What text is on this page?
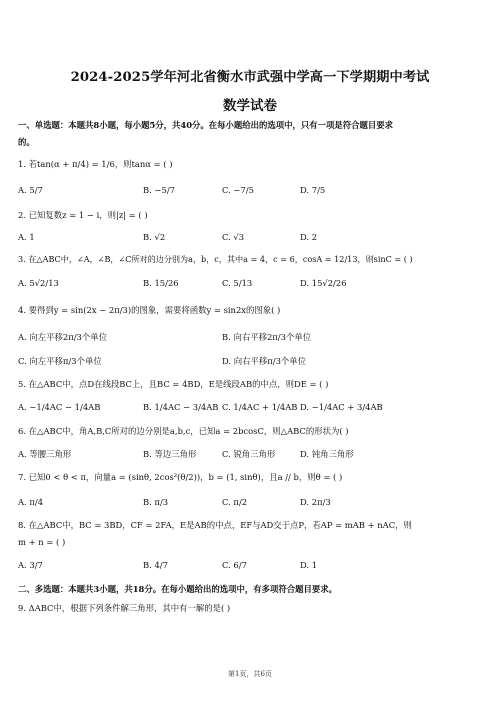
2024-2025学年河北省衡水市武强中学高一下学期期中考试
数学试卷
一、单选题：本题共8小题，每小题5分，共40分。在每小题给出的选项中，只有一项是符合题目要求
的。
1. 若tan(α + π/4) = 1/6，则tanα = ( )
A. 5/7	B. −5/7	C. −7/5	D. 7/5
2. 已知复数z = 1 − i，则|z| = ( )
A. 1	B. √2	C. √3	D. 2
3. 在△ABC中，∠A，∠B，∠C所对的边分别为a，b，c，其中a = 4，c = 6，cosA = 12/13，则sinC = ( )
A. 5√2/13	B. 15/26	C. 5/13	D. 15√2/26
4. 要得到y = sin(2x − 2π/3)的图象，需要将函数y = sin2x的图象( )
A. 向左平移2π/3个单位	B. 向右平移2π/3个单位
C. 向左平移π/3个单位	D. 向右平移π/3个单位
5. 在△ABC中，点D在线段BC上，且BC = 4BD，E是线段AB的中点，则DE = ( )
A. −1/4AC − 1/4AB	B. 1/4AC − 3/4AB C. 1/4AC + 1/4AB D. −1/4AC + 3/4AB
6. 在△ABC中，角A,B,C所对的边分别是a,b,c，已知a = 2bcosC，则△ABC的形状为( )
A. 等腰三角形	B. 等边三角形	C. 锐角三角形	D. 钝角三角形
7. 已知0 < θ < π，向量a = (sinθ, 2cos²(θ/2))，b = (1, sinθ)，且a // b，则θ = ( )
A. π/4	B. π/3	C. π/2	D. 2π/3
8. 在△ABC中，BC = 3BD，CF = 2FA，E是AB的中点，EF与AD交于点P，若AP = mAB + nAC，则
m + n = ( )
A. 3/7	B. 4/7	C. 6/7	D. 1
二、多选题：本题共3小题，共18分。在每小题给出的选项中，有多项符合题目要求。
9. ΔABC中，根据下列条件解三角形，其中有一解的是( )
第1页，共6页
